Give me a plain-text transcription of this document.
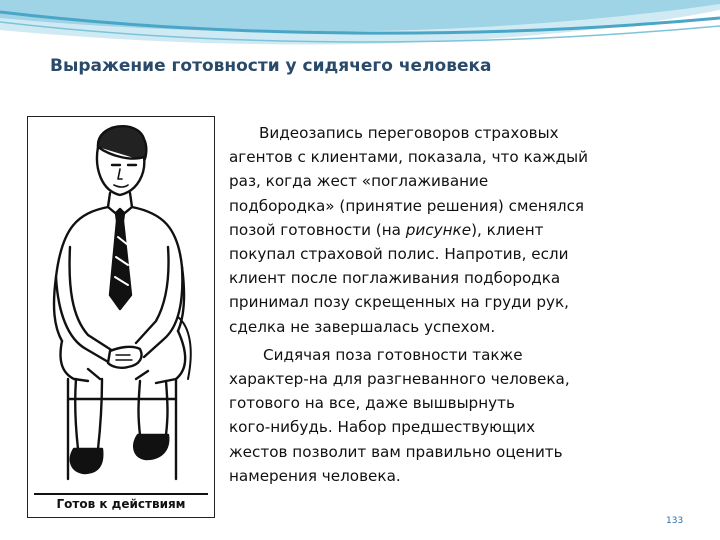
Выражение готовности у сидячего человека
Готов к действиям

Видеозапись переговоров страховых

агентов с клиентами, показала, что каждый

раз, когда жест «поглаживание

подбородка» (принятие решения) сменялся

позой готовности (на рисунке), клиент

покупал страховой полис. Напротив, если

клиент после поглаживания подбородка

принимал позу скрещенных на груди рук,

сделка не завершалась успехом.

Сидячая поза готовности также

характер-на для разгневанного человека,

готового на все, даже вышвырнуть

кого-нибудь. Набор предшествующих

жестов позволит вам правильно оценить

намерения человека.

133
